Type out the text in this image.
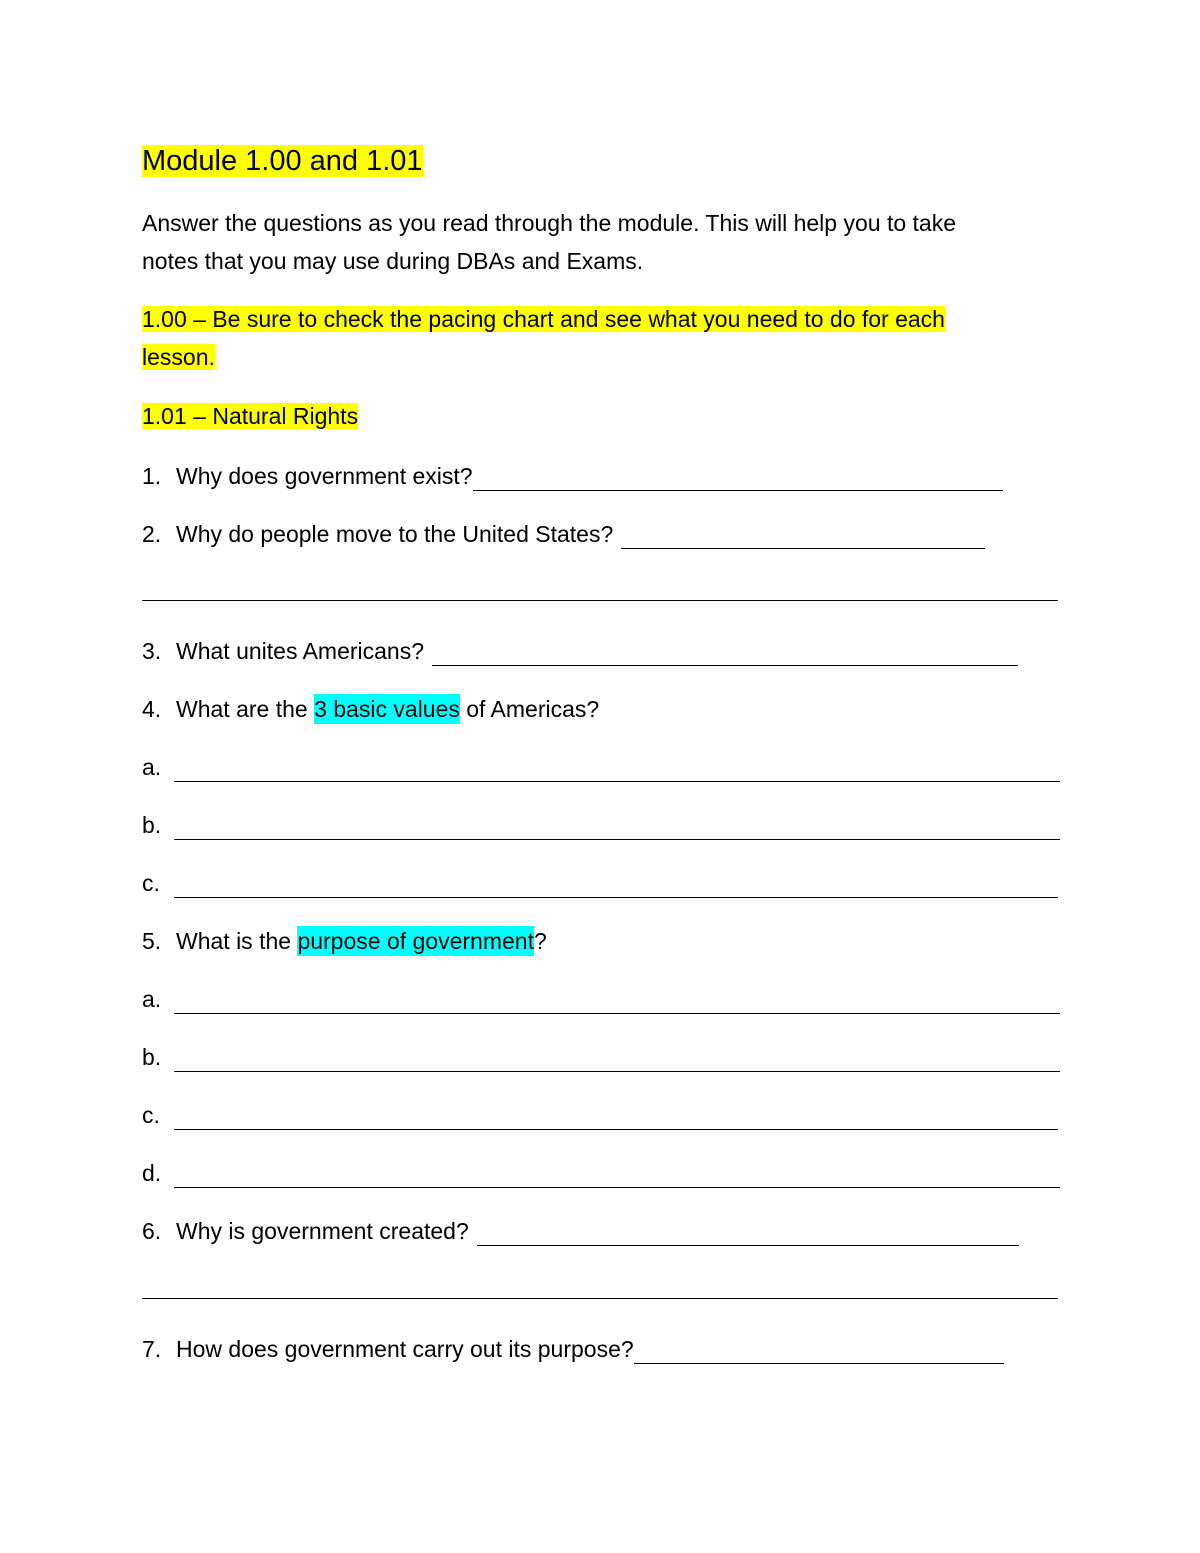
Module 1.00 and 1.01
Answer the questions as you read through the module. This will help you to take
notes that you may use during DBAs and Exams.
1.00 – Be sure to check the pacing chart and see what you need to do for each
lesson.
1.01 – Natural Rights
1. Why does government exist?
2. Why do people move to the United States?
3. What unites Americans?
4. What are the 3 basic values of Americas?
a.
b.
c.
5. What is the purpose of government ?
a.
b.
c.
d.
6. Why is government created?
7. How does government carry out its purpose?
